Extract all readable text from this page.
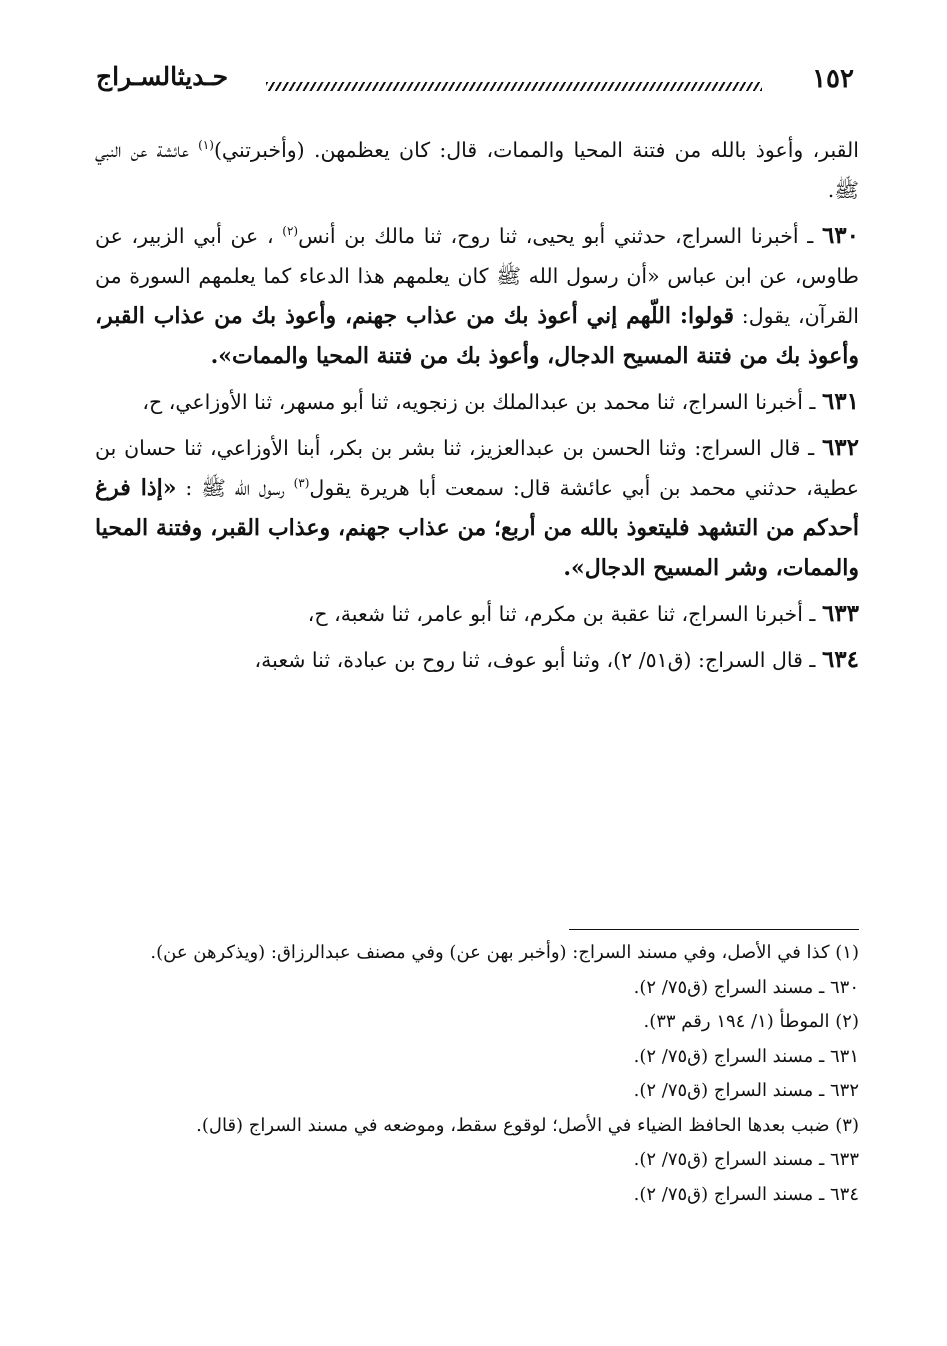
١٥٢
حـديثالسـراج

القبر، وأعوذ بالله من فتنة المحيا والممات، قال: كان يعظمهن. (وأخبرتني)$^{(١)}$ عائشة عن النبي ﷺ.

٦٣٠ ـ أخبرنا السراج، حدثني أبو يحيى، ثنا روح، ثنا مالك بن أنس$^{(٢)}$ ، عن أبي الزبير، عن طاوس، عن ابن عباس «أن رسول الله ﷺ كان يعلمهم هذا الدعاء كما يعلمهم السورة من القرآن، يقول: قولوا: اللّهم إني أعوذ بك من عذاب جهنم، وأعوذ بك من عذاب القبر، وأعوذ بك من فتنة المسيح الدجال، وأعوذ بك من فتنة المحيا والممات».

٦٣١ ـ أخبرنا السراج، ثنا محمد بن عبدالملك بن زنجويه، ثنا أبو مسهر، ثنا الأوزاعي، ح،

٦٣٢ ـ قال السراج: وثنا الحسن بن عبدالعزيز، ثنا بشر بن بكر، أبنا الأوزاعي، ثنا حسان بن عطية، حدثني محمد بن أبي عائشة قال: سمعت أبا هريرة يقول$^{(٣)}$ رسول الله ﷺ : «إذا فرغ أحدكم من التشهد فليتعوذ بالله من أربع؛ من عذاب جهنم، وعذاب القبر، وفتنة المحيا والممات، وشر المسيح الدجال».

٦٣٣ ـ أخبرنا السراج، ثنا عقبة بن مكرم، ثنا أبو عامر، ثنا شعبة، ح،

٦٣٤ ـ قال السراج: (ق٥١/ ٢)، وثنا أبو عوف، ثنا روح بن عبادة، ثنا شعبة،

(١) كذا في الأصل، وفي مسند السراج: (وأخبر بهن عن) وفي مصنف عبدالرزاق: (ويذكرهن عن).

٦٣٠ ـ مسند السراج (ق٧٥/ ٢).

(٢) الموطأ (١/ ١٩٤ رقم ٣٣).

٦٣١ ـ مسند السراج (ق٧٥/ ٢).

٦٣٢ ـ مسند السراج (ق٧٥/ ٢).

(٣) ضبب بعدها الحافظ الضياء في الأصل؛ لوقوع سقط، وموضعه في مسند السراج (قال).

٦٣٣ ـ مسند السراج (ق٧٥/ ٢).

٦٣٤ ـ مسند السراج (ق٧٥/ ٢).
